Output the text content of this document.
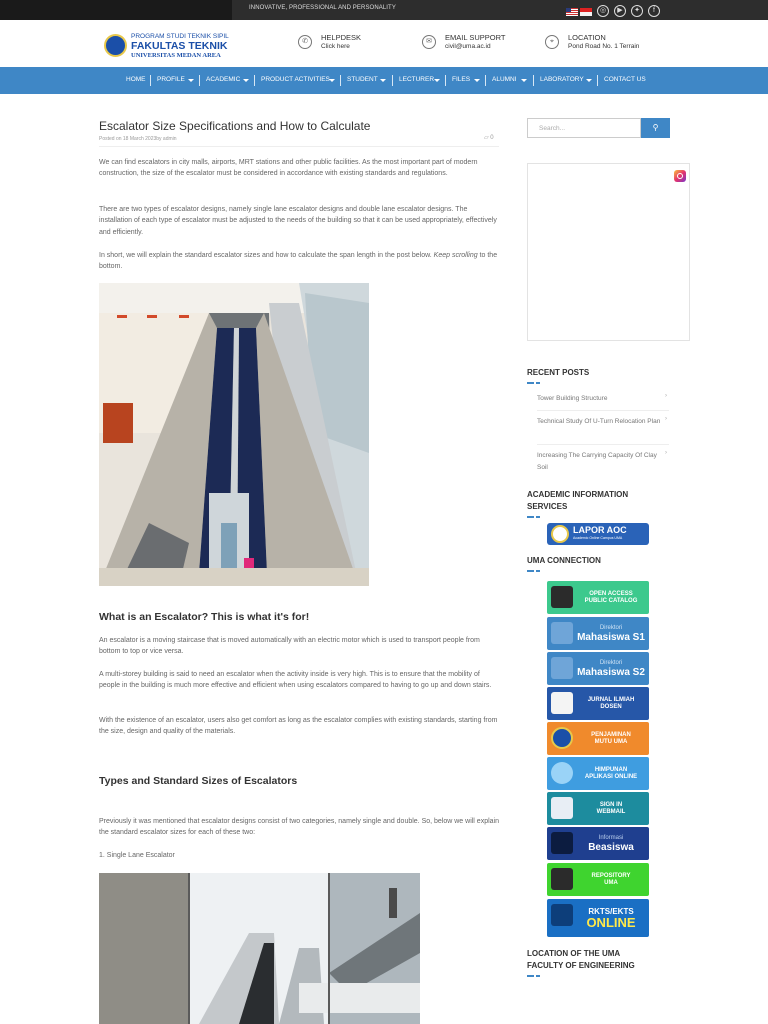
INNOVATIVE, PROFESSIONAL AND PERSONALITY	◎	▶	✦	f
PROGRAM STUDI TEKNIK SIPIL
FAKULTAS TEKNIK
UNIVERSITAS MEDAN AREA
✆	HELPDESK
Click here
✉	EMAIL SUPPORT
civil@uma.ac.id
⌖	LOCATION
Pond Road No. 1 Terrain
HOME PROFILE	ACADEMIC	PRODUCT ACTIVITIES	STUDENT	LECTURER	FILES	ALUMNI	LABORATORY	CONTACT US
Escalator Size Specifications and How to Calculate
Posted on 18 March 2023by admin	▱ 0
We can find escalators in city malls, airports, MRT stations and other public facilities. As the most important part of modern construction, the size of the escalator must be considered in accordance with existing standards and regulations.
There are two types of escalator designs, namely single lane escalator designs and double lane escalator designs. The installation of each type of escalator must be adjusted to the needs of the building so that it can be used appropriately, effectively and efficiently.
In short, we will explain the standard escalator sizes and how to calculate the span length in the post below. Keep scrolling to the bottom.
What is an Escalator? This is what it's for!
An escalator is a moving staircase that is moved automatically with an electric motor which is used to transport people from bottom to top or vice versa.
A multi-storey building is said to need an escalator when the activity inside is very high. This is to ensure that the mobility of people in the building is much more effective and efficient when using escalators compared to having to go up and down stairs.
With the existence of an escalator, users also get comfort as long as the escalator complies with existing standards, starting from the size, design and quality of the materials.
Types and Standard Sizes of Escalators
Previously it was mentioned that escalator designs consist of two categories, namely single and double. So, below we will explain the standard escalator sizes for each of these two:
1. Single Lane Escalator
Search...	⚲
RECENT POSTS
Tower Building Structure	›
Technical Study Of U-Turn Relocation Plan ›
Increasing The Carrying Capacity Of Clay Soil
›
ACADEMIC INFORMATION SERVICES
LAPOR AOC
Academic Online Campus UMA
UMA CONNECTION
OPEN ACCESS
PUBLIC CATALOG
Direktori
Mahasiswa S1
Direktori
Mahasiswa S2
JURNAL ILMIAH
DOSEN
PENJAMINAN
MUTU UMA
HIMPUNAN
APLIKASI ONLINE
SIGN IN
WEBMAIL
Informasi
Beasiswa
REPOSITORY
UMA
RKTS/EKTS
ONLINE
LOCATION OF THE UMA FACULTY OF ENGINEERING
